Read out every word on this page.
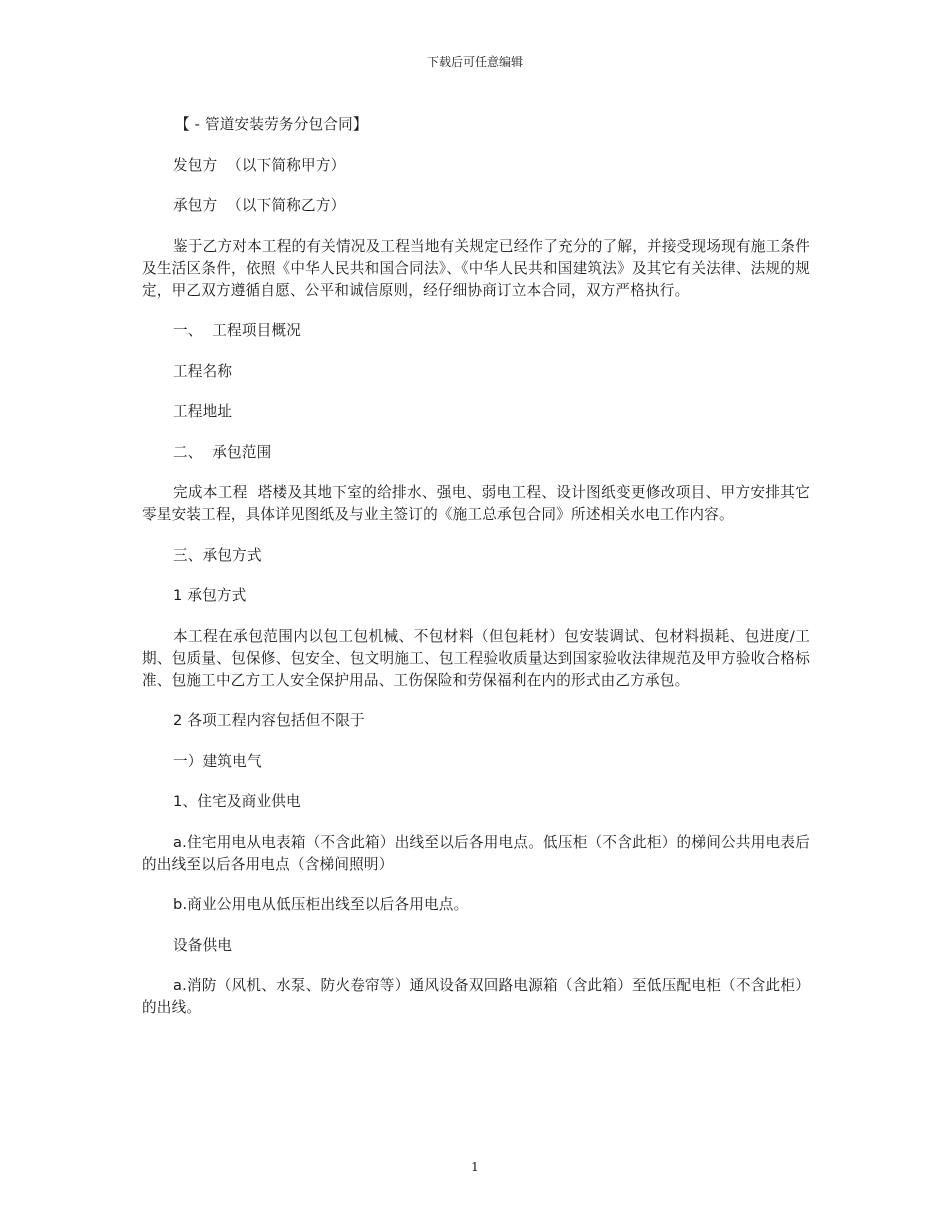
下载后可任意编辑

【 - 管道安装劳务分包合同】

发包方  （以下简称甲方）

承包方  （以下简称乙方）

鉴于乙方对本工程的有关情况及工程当地有关规定已经作了充分的了解，并接受现场现有施工条件及生活区条件，依照《中华人民共和国合同法》、《中华人民共和国建筑法》及其它有关法律、法规的规定，甲乙双方遵循自愿、公平和诚信原则，经仔细协商订立本合同，双方严格执行。

一、  工程项目概况

工程名称

工程地址

二、  承包范围

完成本工程  塔楼及其地下室的给排水、强电、弱电工程、设计图纸变更修改项目、甲方安排其它零星安装工程，具体详见图纸及与业主签订的《施工总承包合同》所述相关水电工作内容。

三、承包方式

1 承包方式

本工程在承包范围内以包工包机械、不包材料（但包耗材）包安装调试、包材料损耗、包进度/工期、包质量、包保修、包安全、包文明施工、包工程验收质量达到国家验收法律规范及甲方验收合格标准、包施工中乙方工人安全保护用品、工伤保险和劳保福利在内的形式由乙方承包。

2 各项工程内容包括但不限于

一）建筑电气

1、住宅及商业供电

a.住宅用电从电表箱（不含此箱）出线至以后各用电点。低压柜（不含此柜）的梯间公共用电表后的出线至以后各用电点（含梯间照明）

b.商业公用电从低压柜出线至以后各用电点。

设备供电

a.消防（风机、水泵、防火卷帘等）通风设备双回路电源箱（含此箱）至低压配电柜（不含此柜）的出线。

1
